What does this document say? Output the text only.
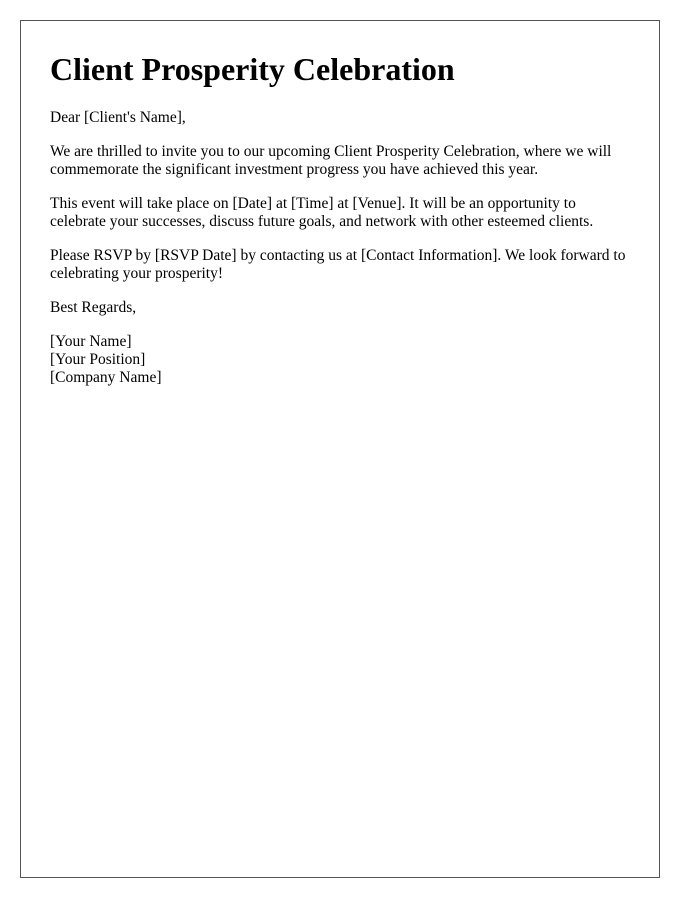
Client Prosperity Celebration

Dear [Client's Name],

We are thrilled to invite you to our upcoming Client Prosperity Celebration, where we will commemorate the significant investment progress you have achieved this year.

This event will take place on [Date] at [Time] at [Venue]. It will be an opportunity to celebrate your successes, discuss future goals, and network with other esteemed clients.

Please RSVP by [RSVP Date] by contacting us at [Contact Information]. We look forward to celebrating your prosperity!

Best Regards,

[Your Name]
[Your Position]
[Company Name]
